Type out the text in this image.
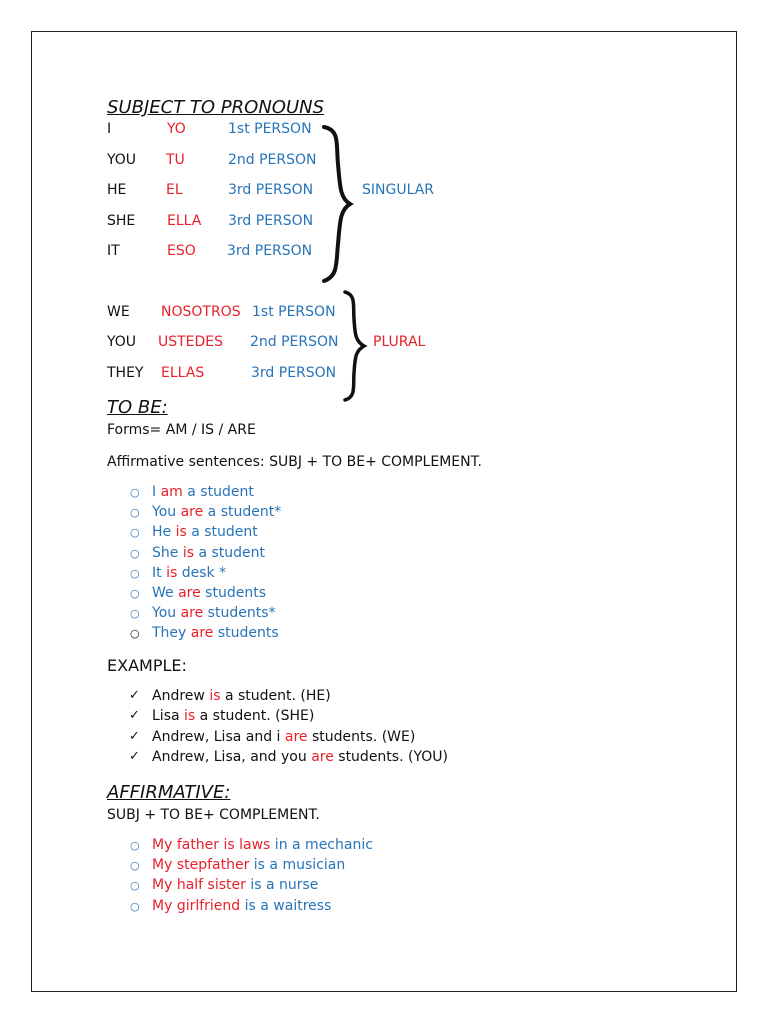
SUBJECT TO PRONOUNS
I	YO	1st PERSON
YOU TU	2nd PERSON
HE	EL	3rd PERSON
SHE ELLA 3rd PERSON
IT	ESO 3rd PERSON
SINGULAR
WE NOSOTROS 1st PERSON
YOU USTEDES 2nd PERSON
THEY ELLAS	3rd PERSON
PLURAL
TO BE:
Forms= AM / IS / ARE
Affirmative sentences: SUBJ + TO BE+ COMPLEMENT.
○ I am a student
○ You are a student*
○ He is a student
○ She is a student
○ It is desk *
○ We are students
○ You are students*
○ They are students
EXAMPLE:
✓ Andrew is a student. (HE)
✓ Lisa is a student. (SHE)
✓ Andrew, Lisa and i are students. (WE)
✓ Andrew, Lisa, and you are students. (YOU)
AFFIRMATIVE:
SUBJ + TO BE+ COMPLEMENT.
○ My father is laws in a mechanic
○ My stepfather is a musician
○ My half sister is a nurse
○ My girlfriend is a waitress
